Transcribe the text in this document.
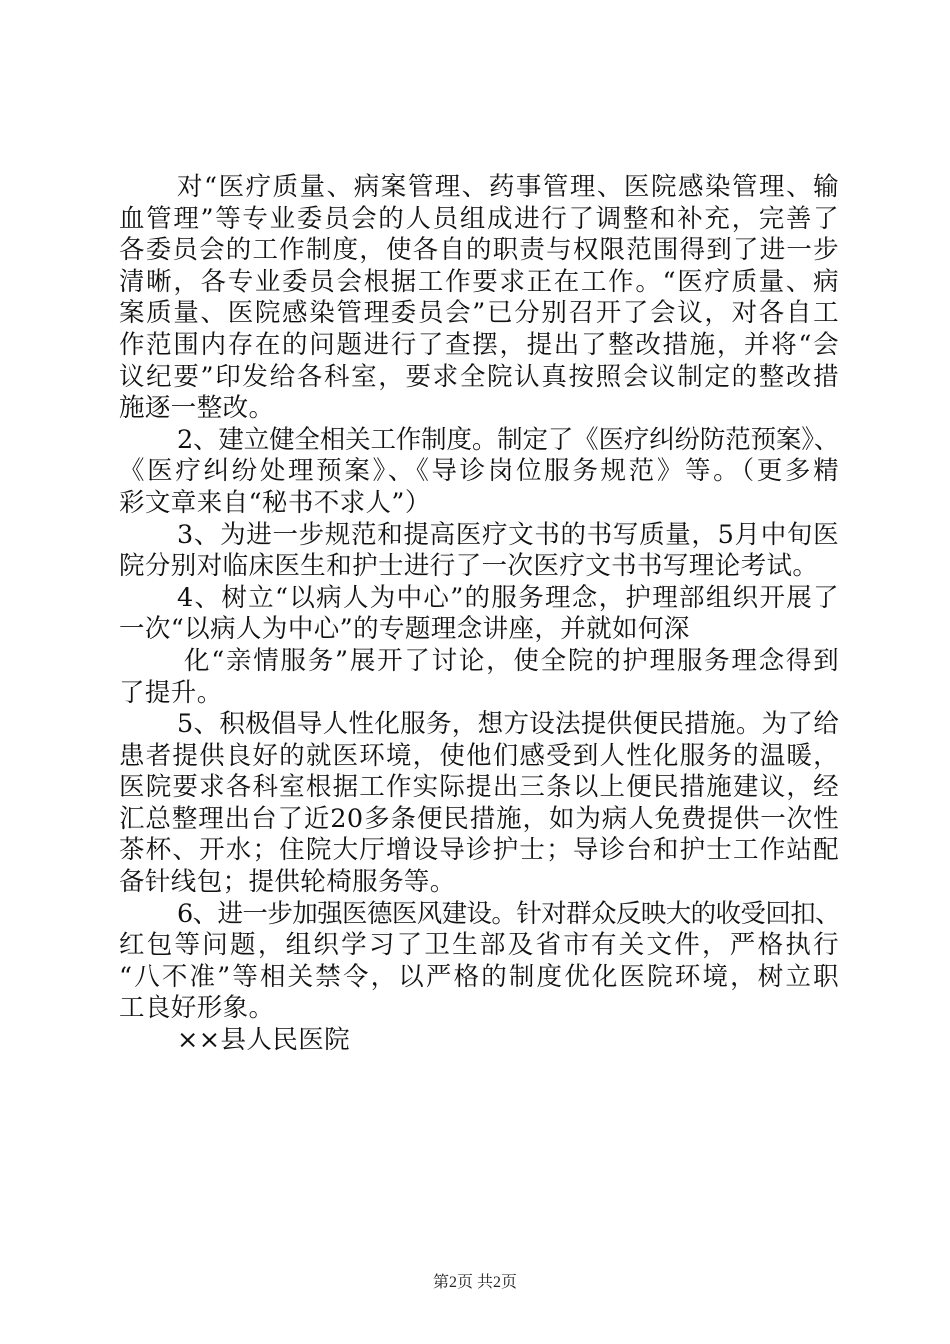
对“医疗质量、病案管理、药事管理、医院感染管理、输
血管理”等专业委员会的人员组成进行了调整和补充，完善了
各委员会的工作制度，使各自的职责与权限范围得到了进一步
清晰，各专业委员会根据工作要求正在工作。“医疗质量、病
案质量、医院感染管理委员会”已分别召开了会议，对各自工
作范围内存在的问题进行了查摆，提出了整改措施，并将“会
议纪要”印发给各科室，要求全院认真按照会议制定的整改措
施逐一整改。
2、建立健全相关工作制度。制定了《医疗纠纷防范预案》、
《医疗纠纷处理预案》、《导诊岗位服务规范》等。（更多精
彩文章来自“秘书不求人”）
3、为进一步规范和提高医疗文书的书写质量，5月中旬医
院分别对临床医生和护士进行了一次医疗文书书写理论考试。
4、树立“以病人为中心”的服务理念，护理部组织开展了
一次“以病人为中心”的专题理念讲座，并就如何深
化“亲情服务”展开了讨论，使全院的护理服务理念得到
了提升。
5、积极倡导人性化服务，想方设法提供便民措施。为了给
患者提供良好的就医环境，使他们感受到人性化服务的温暖，
医院要求各科室根据工作实际提出三条以上便民措施建议，经
汇总整理出台了近20多条便民措施，如为病人免费提供一次性
茶杯、开水；住院大厅增设导诊护士；导诊台和护士工作站配
备针线包；提供轮椅服务等。
6、进一步加强医德医风建设。针对群众反映大的收受回扣、
红包等问题，组织学习了卫生部及省市有关文件，严格执行
“八不准”等相关禁令，以严格的制度优化医院环境，树立职
工良好形象。
××县人民医院
第2页 共2页
